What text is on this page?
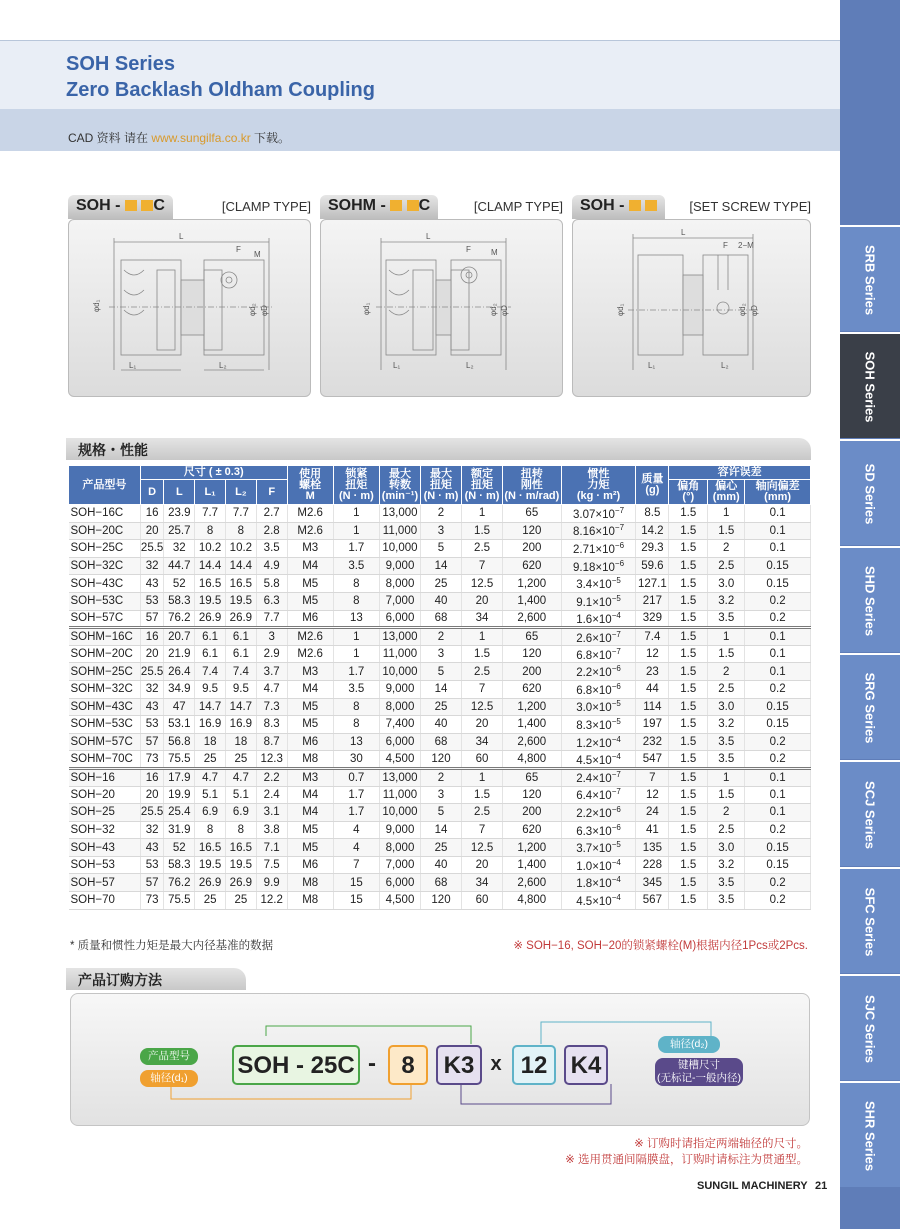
SOH Series
Zero Backlash Oldham Coupling
CAD 资料 请在 www.sungilfa.co.kr 下载。
SRB Series
SOH Series
SD Series
SHD Series
SRG Series
SCJ Series
SFC Series
SJC Series
SHR Series
SOH -  C	[CLAMP TYPE]	SOHM -  C	[CLAMP TYPE]	SOH -	[SET SCREW TYPE]
L
F
M
φd₁	φd₂ φD
L₁	L₂
L
F	M
φd₁	φd₂ φD
L₁	L₂
L
F 2−M
φd₁	φd₂ φD
L₁	L₂
规格・性能
产品型号	尺寸 ( ± 0.3)					使用
螺栓
M	锁紧
扭矩
(N · m)	最大
转数
(min⁻¹)	最大
扭矩
(N · m)	额定
扭矩
(N · m)	扭转
刚性
(N · m/rad)	惯性
力矩
(kg · m²)	质量
(g)	容许误差		
	D	L	L₁	L₂	F									偏角
(°)	偏心
(mm)	轴向偏差
(mm)
SOH−16C	16	23.9	7.7	7.7	2.7	M2.6	1	13,000	2	1	65	$3.07\times 10^{-7}$	8.5	1.5	1	0.1
SOH−20C	20	25.7	8	8	2.8	M2.6	1	11,000	3	1.5	120	$8.16\times 10^{-7}$	14.2	1.5	1.5	0.1
SOH−25C	25.5	32	10.2	10.2	3.5	M3	1.7	10,000	5	2.5	200	$2.71\times 10^{-6}$	29.3	1.5	2	0.1
SOH−32C	32	44.7	14.4	14.4	4.9	M4	3.5	9,000	14	7	620	$9.18\times 10^{-6}$	59.6	1.5	2.5	0.15
SOH−43C	43	52	16.5	16.5	5.8	M5	8	8,000	25	12.5	1,200	$3.4\times 10^{-5}$	127.1	1.5	3.0	0.15
SOH−53C	53	58.3	19.5	19.5	6.3	M5	8	7,000	40	20	1,400	$9.1\times 10^{-5}$	217	1.5	3.2	0.2
SOH−57C	57	76.2	26.9	26.9	7.7	M6	13	6,000	68	34	2,600	$1.6\times 10^{-4}$	329	1.5	3.5	0.2
SOHM−16C	16	20.7	6.1	6.1	3	M2.6	1	13,000	2	1	65	$2.6\times 10^{-7}$	7.4	1.5	1	0.1
SOHM−20C	20	21.9	6.1	6.1	2.9	M2.6	1	11,000	3	1.5	120	$6.8\times 10^{-7}$	12	1.5	1.5	0.1
SOHM−25C	25.5	26.4	7.4	7.4	3.7	M3	1.7	10,000	5	2.5	200	$2.2\times 10^{-6}$	23	1.5	2	0.1
SOHM−32C	32	34.9	9.5	9.5	4.7	M4	3.5	9,000	14	7	620	$6.8\times 10^{-6}$	44	1.5	2.5	0.2
SOHM−43C	43	47	14.7	14.7	7.3	M5	8	8,000	25	12.5	1,200	$3.0\times 10^{-5}$	114	1.5	3.0	0.15
SOHM−53C	53	53.1	16.9	16.9	8.3	M5	8	7,400	40	20	1,400	$8.3\times 10^{-5}$	197	1.5	3.2	0.15
SOHM−57C	57	56.8	18	18	8.7	M6	13	6,000	68	34	2,600	$1.2\times 10^{-4}$	232	1.5	3.5	0.2
SOHM−70C	73	75.5	25	25	12.3	M8	30	4,500	120	60	4,800	$4.5\times 10^{-4}$	547	1.5	3.5	0.2
SOH−16	16	17.9	4.7	4.7	2.2	M3	0.7	13,000	2	1	65	$2.4\times 10^{-7}$	7	1.5	1	0.1
SOH−20	20	19.9	5.1	5.1	2.4	M4	1.7	11,000	3	1.5	120	$6.4\times 10^{-7}$	12	1.5	1.5	0.1
SOH−25	25.5	25.4	6.9	6.9	3.1	M4	1.7	10,000	5	2.5	200	$2.2\times 10^{-6}$	24	1.5	2	0.1
SOH−32	32	31.9	8	8	3.8	M5	4	9,000	14	7	620	$6.3\times 10^{-6}$	41	1.5	2.5	0.2
SOH−43	43	52	16.5	16.5	7.1	M5	4	8,000	25	12.5	1,200	$3.7\times 10^{-5}$	135	1.5	3.0	0.15
SOH−53	53	58.3	19.5	19.5	7.5	M6	7	7,000	40	20	1,400	$1.0\times 10^{-4}$	228	1.5	3.2	0.15
SOH−57	57	76.2	26.9	26.9	9.9	M8	15	6,000	68	34	2,600	$1.8\times 10^{-4}$	345	1.5	3.5	0.2
SOH−70	73	75.5	25	25	12.2	M8	15	4,500	120	60	4,800	$4.5\times 10^{-4}$	567	1.5	3.5	0.2
* 质量和惯性力矩是最大内径基准的数据	※ SOH−16, SOH−20的锁紧螺栓(M)根据内径1Pcs或2Pcs.
产品订购方法
产品型号
轴径(d₁)
轴径(d₂)
键槽尺寸
(无标记-一般内径)
SOH - 25C -	8	K3 x 12 K4
※ 订购时请指定两端轴径的尺寸。
※ 选用贯通间隔膜盘，订购时请标注为贯通型。
SUNGIL MACHINERY 21
